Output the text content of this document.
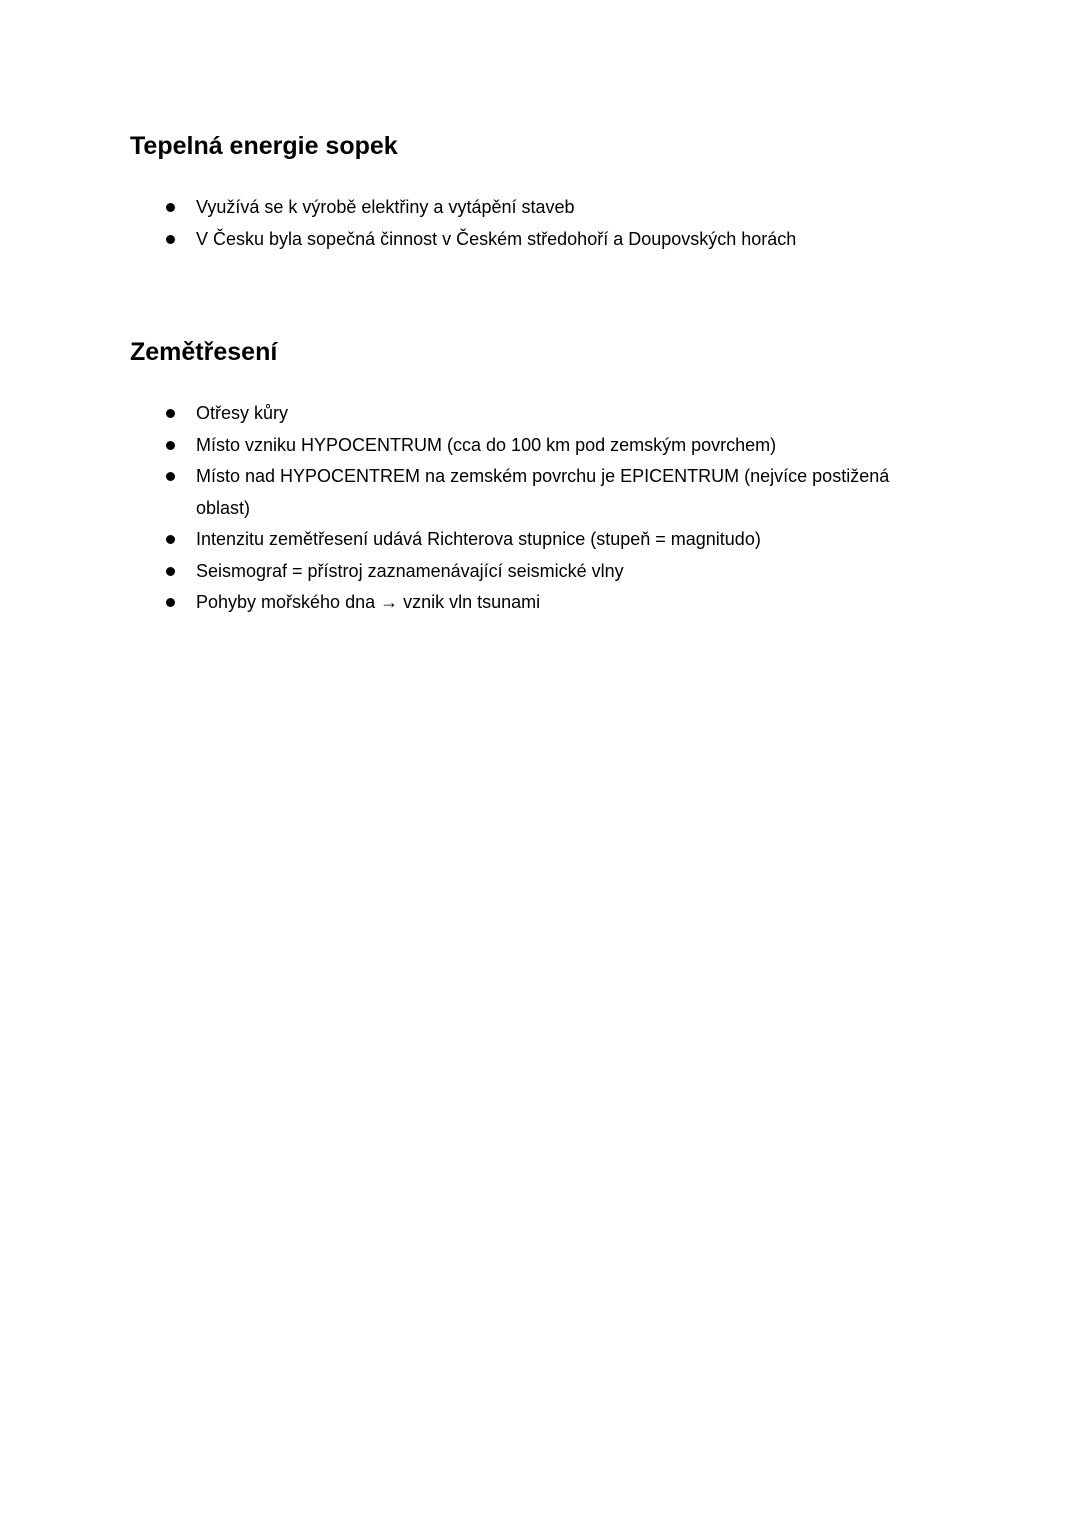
Tepelná energie sopek
Využívá se k výrobě elektřiny a vytápění staveb
V Česku byla sopečná činnost v Českém středohoří a Doupovských horách
Zemětřesení
Otřesy kůry
Místo vzniku HYPOCENTRUM (cca do 100 km pod zemským povrchem)
Místo nad HYPOCENTREM na zemském povrchu je EPICENTRUM (nejvíce postižená oblast)
Intenzitu zemětřesení udává Richterova stupnice (stupeň = magnitudo)
Seismograf = přístroj zaznamenávající seismické vlny
Pohyby mořského dna → vznik vln tsunami
